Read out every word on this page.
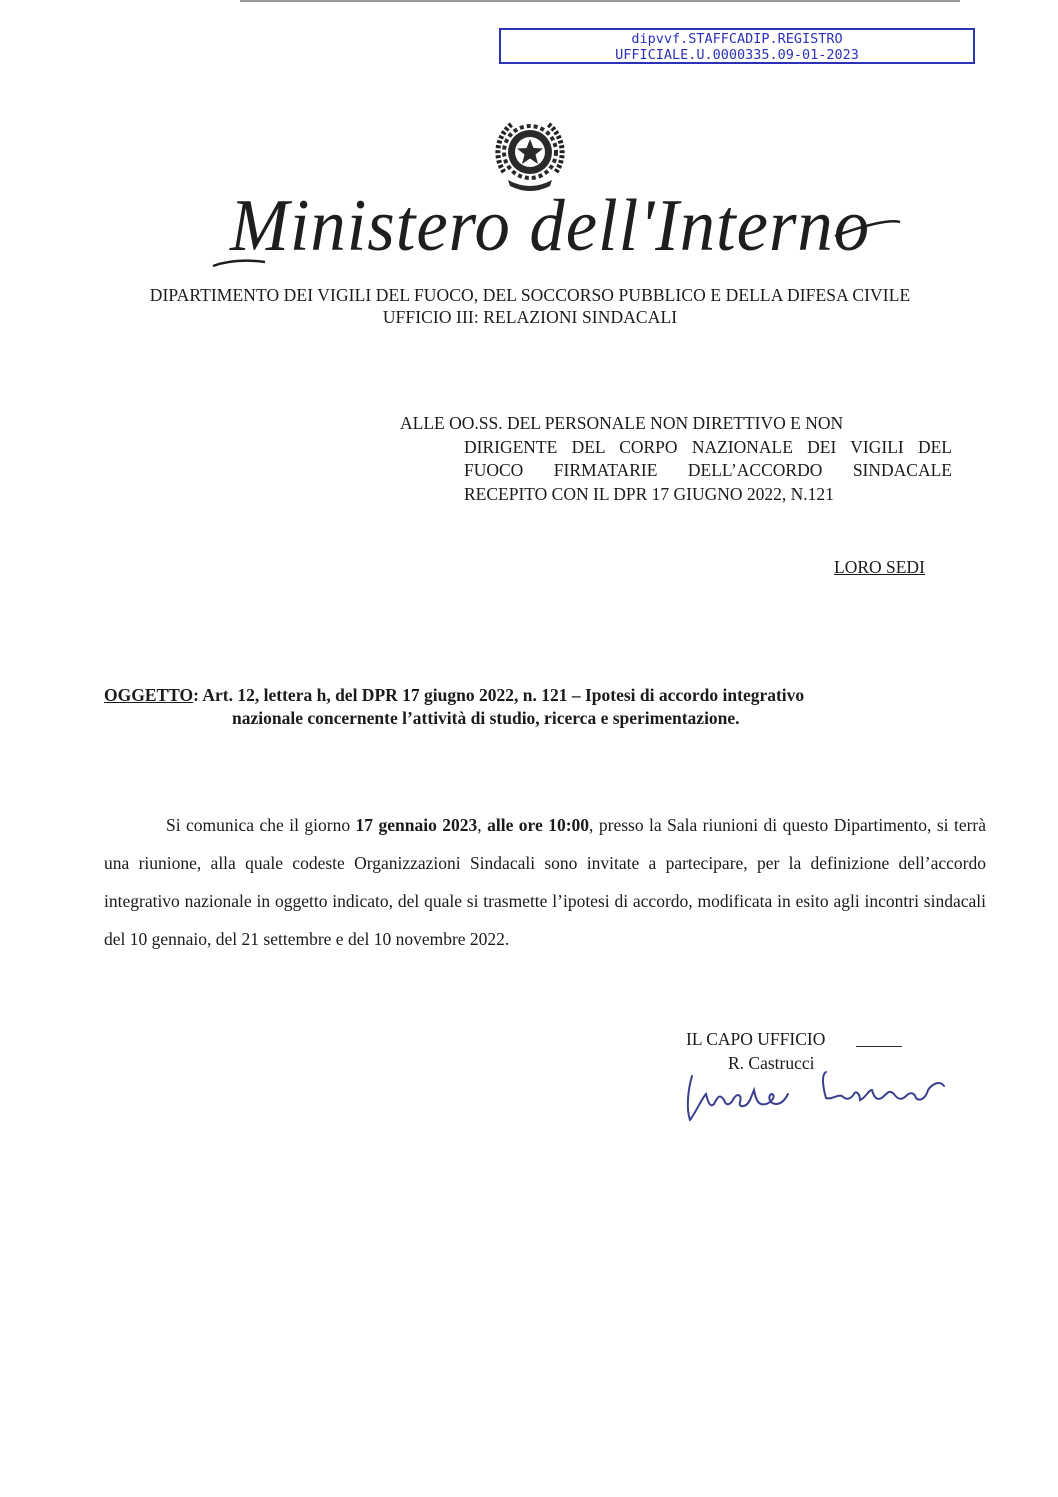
dipvvf.STAFFCADIP.REGISTRO
UFFICIALE.U.0000335.09-01-2023
Ministero dell'Interno
DIPARTIMENTO DEI VIGILI DEL FUOCO, DEL SOCCORSO PUBBLICO E DELLA DIFESA CIVILE
UFFICIO III: RELAZIONI SINDACALI
ALLE OO.SS. DEL PERSONALE NON DIRETTIVO E NON
DIRIGENTE DEL CORPO NAZIONALE DEI VIGILI DEL FUOCO FIRMATARIE DELL’ACCORDO SINDACALE RECEPITO CON IL DPR 17 GIUGNO 2022, N.121
LORO SEDI
OGGETTO: Art. 12, lettera h, del DPR 17 giugno 2022, n. 121 – Ipotesi di accordo integrativo
nazionale concernente l’attività di studio, ricerca e sperimentazione.
Si comunica che il giorno 17 gennaio 2023, alle ore 10:00, presso la Sala riunioni di questo Dipartimento, si terrà una riunione, alla quale codeste Organizzazioni Sindacali sono invitate a partecipare, per la definizione dell’accordo integrativo nazionale in oggetto indicato, del quale si trasmette l’ipotesi di accordo, modificata in esito agli incontri sindacali del 10 gennaio, del 21 settembre e del 10 novembre 2022.
IL CAPO UFFICIO
R. Castrucci
